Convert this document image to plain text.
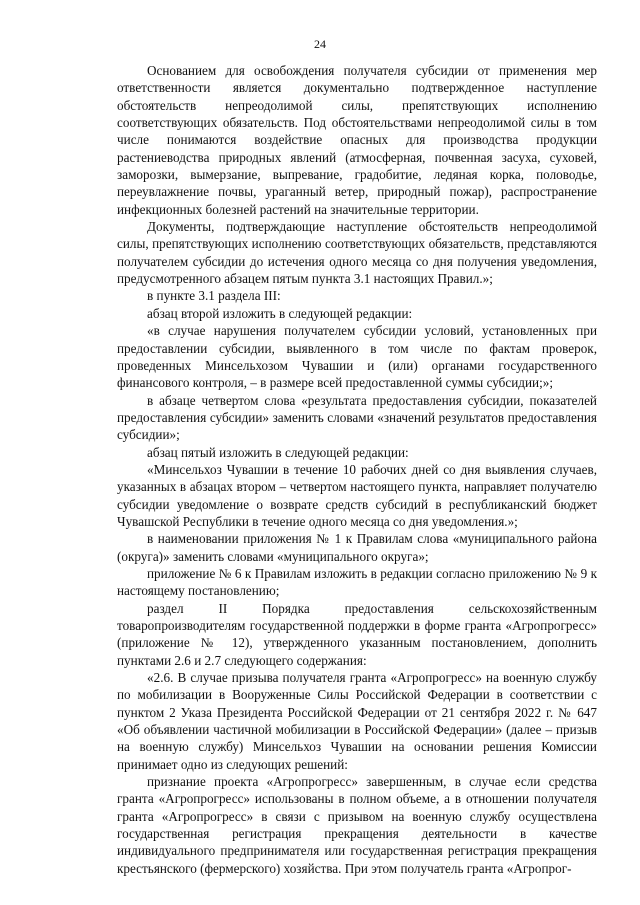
24

Основанием для освобождения получателя субсидии от применения мер ответственности является документально подтвержденное наступление обстоятельств непреодолимой силы, препятствующих исполнению соответствующих обязательств. Под обстоятельствами непреодолимой силы в том числе понимаются воздействие опасных для производства продукции растениеводства природных явлений (атмосферная, почвенная засуха, суховей, заморозки, вымерзание, выпревание, градобитие, ледяная корка, половодье, переувлажнение почвы, ураганный ветер, природный пожар), распространение инфекционных болезней растений на значительные территории.

Документы, подтверждающие наступление обстоятельств непреодолимой силы, препятствующих исполнению соответствующих обязательств, представляются получателем субсидии до истечения одного месяца со дня получения уведомления, предусмотренного абзацем пятым пункта 3.1 настоящих Правил.»;

в пункте 3.1 раздела III:

абзац второй изложить в следующей редакции:

«в случае нарушения получателем субсидии условий, установленных при предоставлении субсидии, выявленного в том числе по фактам проверок, проведенных Минсельхозом Чувашии и (или) органами государственного финансового контроля, – в размере всей предоставленной суммы субсидии;»;

в абзаце четвертом слова «результата предоставления субсидии, показателей предоставления субсидии» заменить словами «значений результатов предоставления субсидии»;

абзац пятый изложить в следующей редакции:

«Минсельхоз Чувашии в течение 10 рабочих дней со дня выявления случаев, указанных в абзацах втором – четвертом настоящего пункта, направляет получателю субсидии уведомление о возврате средств субсидий в республиканский бюджет Чувашской Республики в течение одного месяца со дня уведомления.»;

в наименовании приложения № 1 к Правилам слова «муниципального района (округа)» заменить словами «муниципального округа»;

приложение № 6 к Правилам изложить в редакции согласно приложению № 9 к настоящему постановлению;

раздел II Порядка предоставления сельскохозяйственным товаропроизводителям государственной поддержки в форме гранта «Агропрогресс» (приложение № 12), утвержденного указанным постановлением, дополнить пунктами 2.6 и 2.7 следующего содержания:

«2.6. В случае призыва получателя гранта «Агропрогресс» на военную службу по мобилизации в Вооруженные Силы Российской Федерации в соответствии с пунктом 2 Указа Президента Российской Федерации от 21 сентября 2022 г. № 647 «Об объявлении частичной мобилизации в Российской Федерации» (далее – призыв на военную службу) Минсельхоз Чувашии на основании решения Комиссии принимает одно из следующих решений:

признание проекта «Агропрогресс» завершенным, в случае если средства гранта «Агропрогресс» использованы в полном объеме, а в отношении получателя гранта «Агропрогресс» в связи с призывом на военную службу осуществлена государственная регистрация прекращения деятельности в качестве индивидуального предпринимателя или государственная регистрация прекращения крестьянского (фермерского) хозяйства. При этом получатель гранта «Агропрог-
